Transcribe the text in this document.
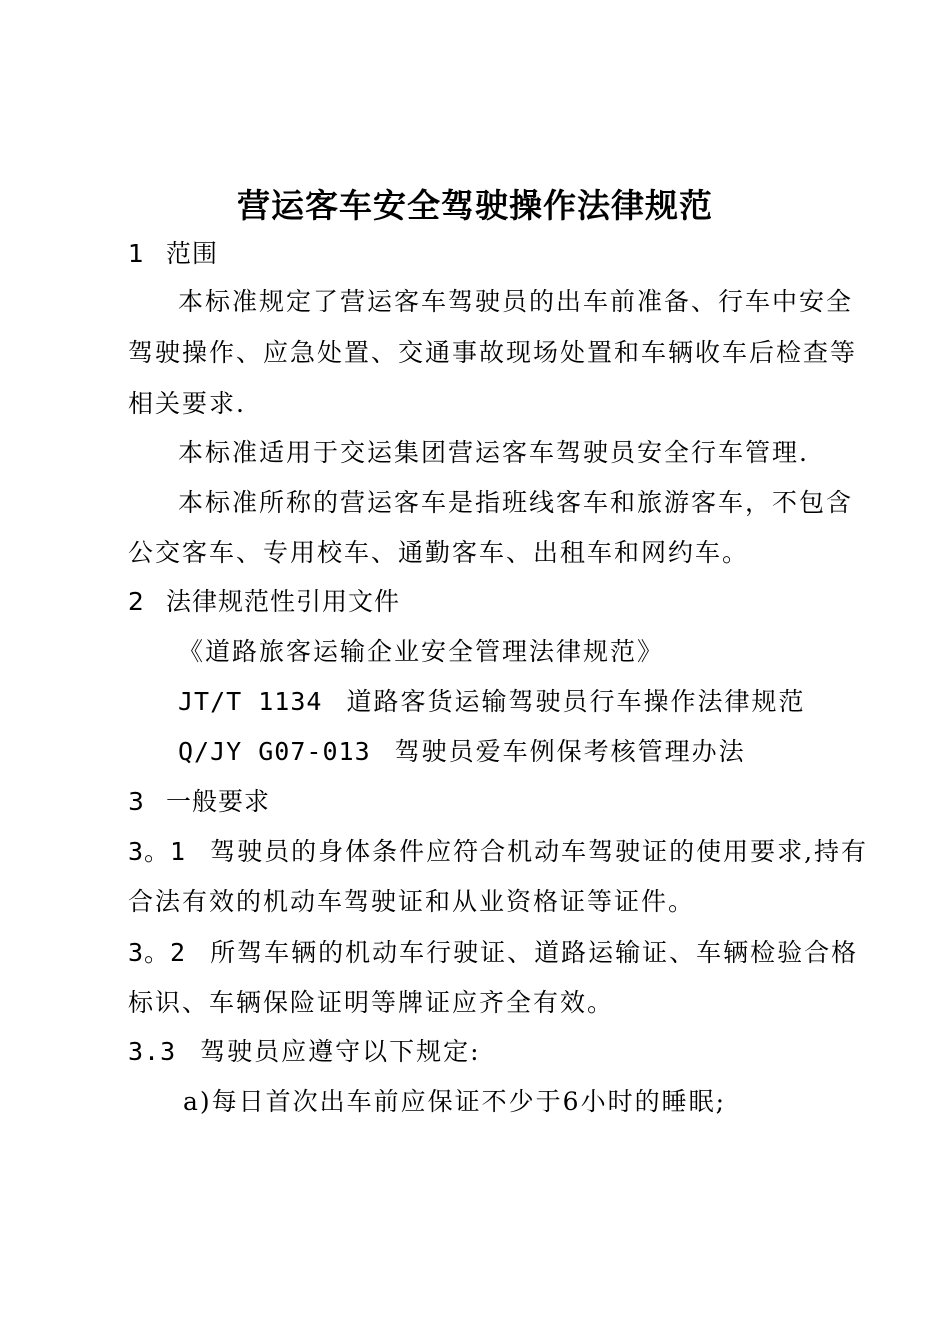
营运客车安全驾驶操作法律规范
1 范围
本标准规定了营运客车驾驶员的出车前准备、行车中安全
驾驶操作、应急处置、交通事故现场处置和车辆收车后检查等
相关要求.
本标准适用于交运集团营运客车驾驶员安全行车管理.
本标准所称的营运客车是指班线客车和旅游客车，不包含
公交客车、专用校车、通勤客车、出租车和网约车。
2 法律规范性引用文件
《道路旅客运输企业安全管理法律规范》
JT/T 1134 道路客货运输驾驶员行车操作法律规范
Q/JY G07-013 驾驶员爱车例保考核管理办法
3 一般要求
3。1 驾驶员的身体条件应符合机动车驾驶证的使用要求,持有
合法有效的机动车驾驶证和从业资格证等证件。
3。2 所驾车辆的机动车行驶证、道路运输证、车辆检验合格
标识、车辆保险证明等牌证应齐全有效。
3.3 驾驶员应遵守以下规定:
a)每日首次出车前应保证不少于6小时的睡眠;
